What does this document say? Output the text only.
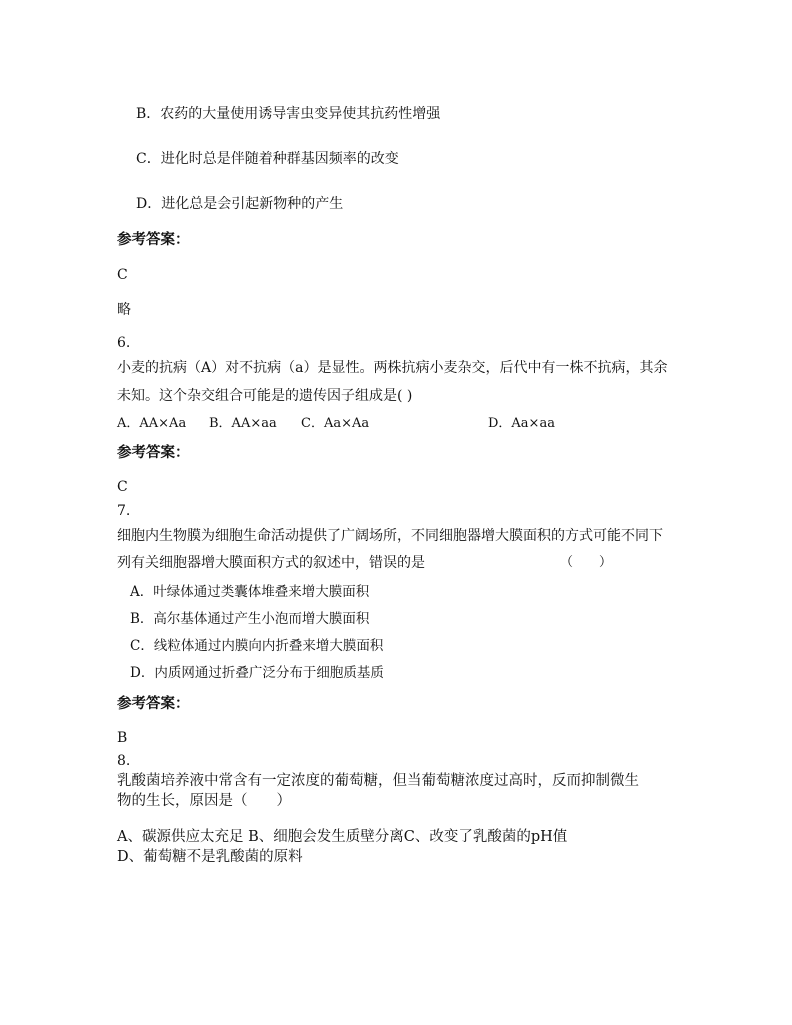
B．农药的大量使用诱导害虫变异使其抗药性增强
C．进化时总是伴随着种群基因频率的改变
D．进化总是会引起新物种的产生
参考答案：
C
略
6.
小麦的抗病（A）对不抗病（a）是显性。两株抗病小麦杂交，后代中有一株不抗病，其余
未知。这个杂交组合可能是的遗传因子组成是( )
A．AA×Aa B．AA×aa C．Aa×Aa	D．Aa×aa
参考答案：
C
7.
细胞内生物膜为细胞生命活动提供了广阔场所，不同细胞器增大膜面积的方式可能不同下
列有关细胞器增大膜面积方式的叙述中，错误的是	（　　）
A．叶绿体通过类囊体堆叠来增大膜面积
B．高尔基体通过产生小泡而增大膜面积
C．线粒体通过内膜向内折叠来增大膜面积
D．内质网通过折叠广泛分布于细胞质基质
参考答案：
B
8.
乳酸菌培养液中常含有一定浓度的葡萄糖，但当葡萄糖浓度过高时，反而抑制微生
物的生长，原因是（　　）
A、碳源供应太充足 B、细胞会发生质壁分离C、改变了乳酸菌的pH值
D、葡萄糖不是乳酸菌的原料
